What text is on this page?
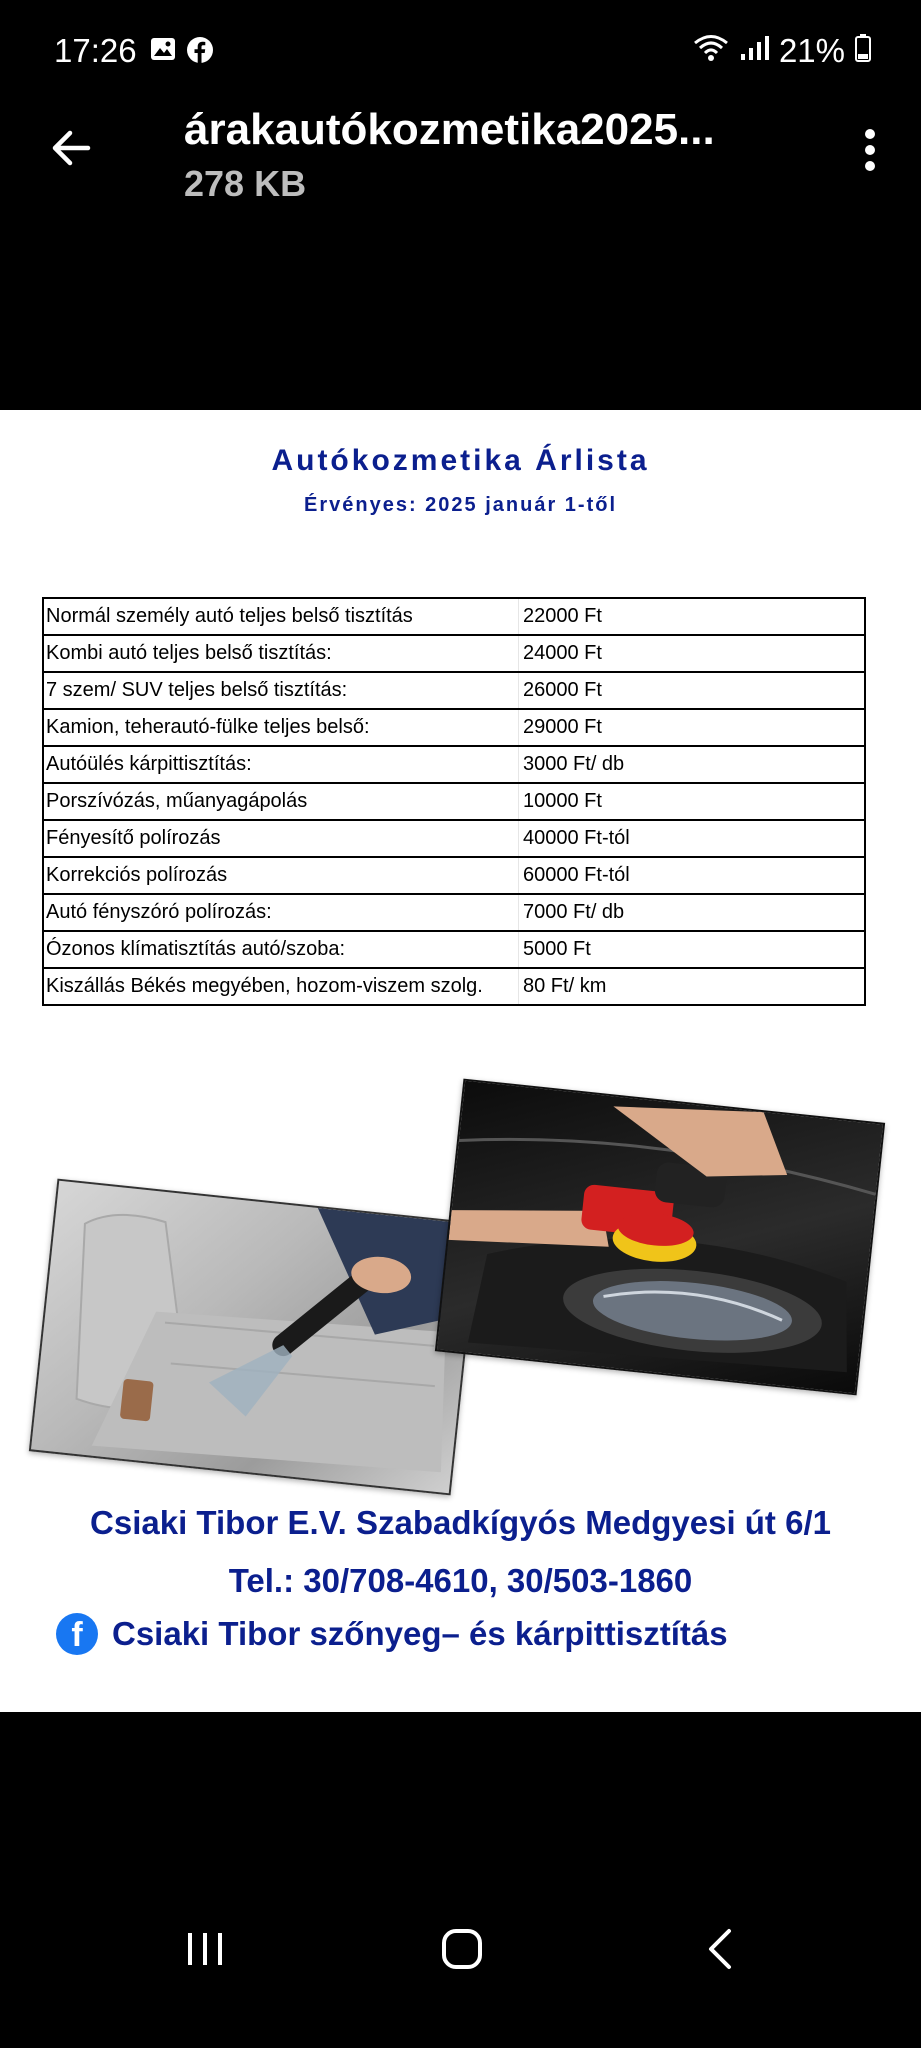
17:26	21%
árakautókozmetika2025...
278 KB
Autókozmetika Árlista
Érvényes: 2025 január 1-től
Normál személy autó teljes belső tisztítás	22000 Ft
Kombi autó teljes belső tisztítás:	24000 Ft
7 szem/ SUV teljes belső tisztítás:	26000 Ft
Kamion, teherautó-fülke teljes belső:	29000 Ft
Autóülés kárpittisztítás:	3000 Ft/ db
Porszívózás, műanyagápolás	10000 Ft
Fényesítő polírozás	40000 Ft-tól
Korrekciós polírozás	60000 Ft-tól
Autó fényszóró polírozás:	7000 Ft/ db
Ózonos klímatisztítás autó/szoba:	5000 Ft
Kiszállás Békés megyében, hozom-viszem szolg.	80 Ft/ km
Csiaki Tibor E.V. Szabadkígyós Medgyesi út 6/1
Tel.: 30/708-4610, 30/503-1860
f Csiaki Tibor szőnyeg– és kárpittisztítás
